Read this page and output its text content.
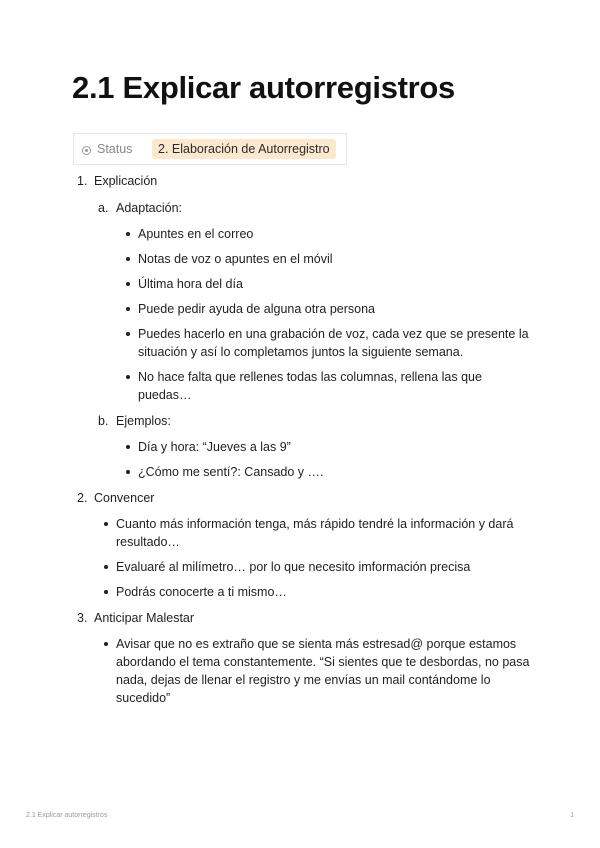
2.1 Explicar autorregistros
Status	2. Elaboración de Autorregistro
1. Explicación
a. Adaptación:
Apuntes en el correo
Notas de voz o apuntes en el móvil
Última hora del día
Puede pedir ayuda de alguna otra persona
Puedes hacerlo en una grabación de voz, cada vez que se presente la situación y así lo completamos juntos la siguiente semana.
No hace falta que rellenes todas las columnas, rellena las que puedas…
b. Ejemplos:
Día y hora: “Jueves a las 9”
¿Cómo me sentí?: Cansado y ….
2. Convencer
Cuanto más información tenga, más rápido tendré la información y dará resultado…
Evaluaré al milímetro… por lo que necesito imformación precisa
Podrás conocerte a ti mismo…
3. Anticipar Malestar
Avisar que no es extraño que se sienta más estresad@ porque estamos abordando el tema constantemente. “Si sientes que te desbordas, no pasa nada, dejas de llenar el registro y me envías un mail contándome lo sucedido”
2.1 Explicar autorregistros	1
